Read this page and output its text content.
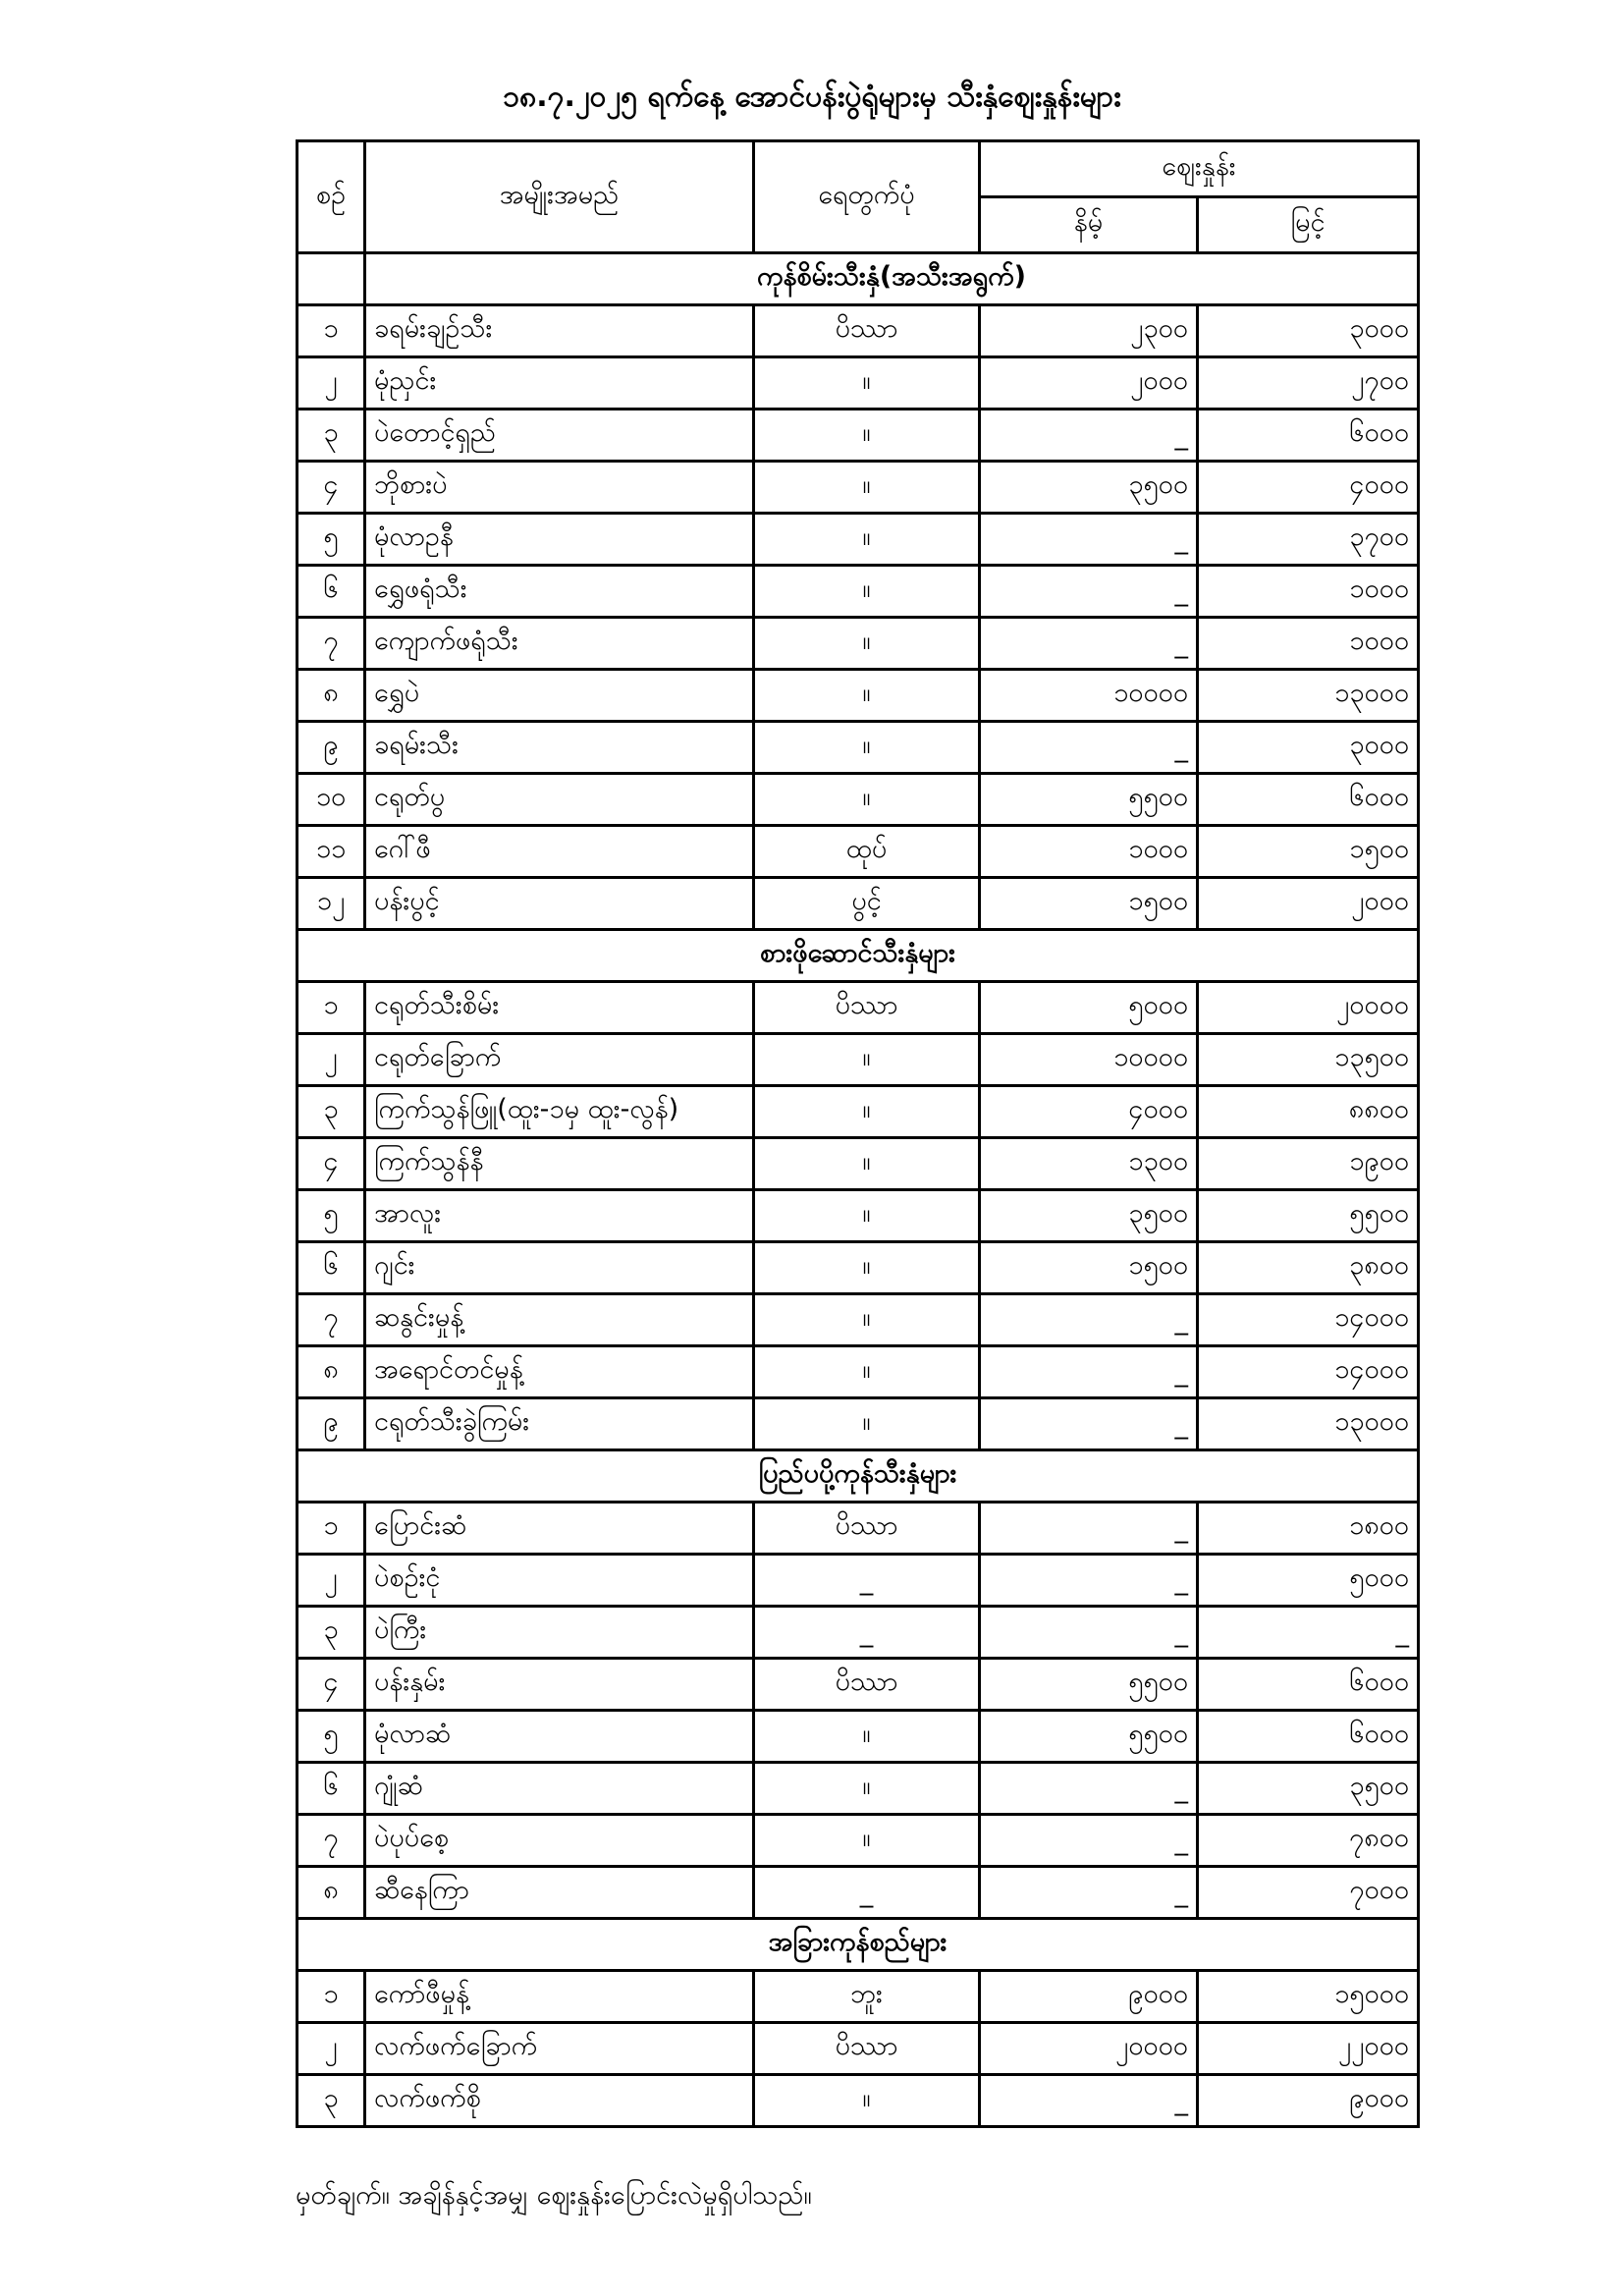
၁၈.၇.၂၀၂၅ ရက်နေ့ အောင်ပန်းပွဲရုံများမှ သီးနှံဈေးနှုန်းများ
စဉ်	အမျိုးအမည်	ရေတွက်ပုံ	ဈေးနှုန်း	
			နိမ့်	မြင့်
	ကုန်စိမ်းသီးနှံ(အသီးအရွက်)			
၁	ခရမ်းချဉ်သီး	ပိဿာ	၂၃၀၀	၃၀၀၀
၂	မုံညှင်း	။	၂၀၀၀	၂၇၀၀
၃	ပဲတောင့်ရှည်	။	_	၆၀၀၀
၄	ဘိုစားပဲ	။	၃၅၀၀	၄၀၀၀
၅	မုံလာဥနီ	။	_	၃၇၀၀
၆	ရွှေဖရုံသီး	။	_	၁၀၀၀
၇	ကျောက်ဖရုံသီး	။	_	၁၀၀၀
၈	ရွှေပဲ	။	၁၀၀၀၀	၁၃၀၀၀
၉	ခရမ်းသီး	။	_	၃၀၀၀
၁၀	ငရုတ်ပွ	။	၅၅၀၀	၆၀၀၀
၁၁	ဂေါ်ဖီ	ထုပ်	၁၀၀၀	၁၅၀၀
၁၂	ပန်းပွင့်	ပွင့်	၁၅၀၀	၂၀၀၀
စားဖိုဆောင်သီးနှံများ				
၁	ငရုတ်သီးစိမ်း	ပိဿာ	၅၀၀၀	၂၀၀၀၀
၂	ငရုတ်ခြောက်	။	၁၀၀၀၀	၁၃၅၀၀
၃	ကြက်သွန်ဖြူ(ထူး-၁မှ ထူး-လွန်)	။	၄၀၀၀	၈၈၀၀
၄	ကြက်သွန်နီ	။	၁၃၀၀	၁၉၀၀
၅	အာလူး	။	၃၅၀၀	၅၅၀၀
၆	ဂျင်း	။	၁၅၀၀	၃၈၀၀
၇	ဆနွင်းမှုန့်	။	_	၁၄၀၀၀
၈	အရောင်တင်မှုန့်	။	_	၁၄၀၀၀
၉	ငရုတ်သီးခွဲကြမ်း	။	_	၁၃၀၀၀
ပြည်ပပို့ကုန်သီးနှံများ				
၁	ပြောင်းဆံ	ပိဿာ	_	၁၈၀၀
၂	ပဲစဉ်းငုံ	_	_	၅၀၀၀
၃	ပဲကြီး	_	_	_
၄	ပန်းနှမ်း	ပိဿာ	၅၅၀၀	၆၀၀၀
၅	မုံလာဆံ	။	၅၅၀၀	၆၀၀၀
၆	ဂျုံဆံ	။	_	၃၅၀၀
၇	ပဲပုပ်စေ့	။	_	၇၈၀၀
၈	ဆီနေကြာ	_	_	၇၀၀၀
အခြားကုန်စည်များ				
၁	ကော်ဖီမှုန့်	ဘူး	၉၀၀၀	၁၅၀၀၀
၂	လက်ဖက်ခြောက်	ပိဿာ	၂၀၀၀၀	၂၂၀၀၀
၃	လက်ဖက်စို	။	_	၉၀၀၀
မှတ်ချက်။ အချိန်နှင့်အမျှ ဈေးနှုန်းပြောင်းလဲမှုရှိပါသည်။
